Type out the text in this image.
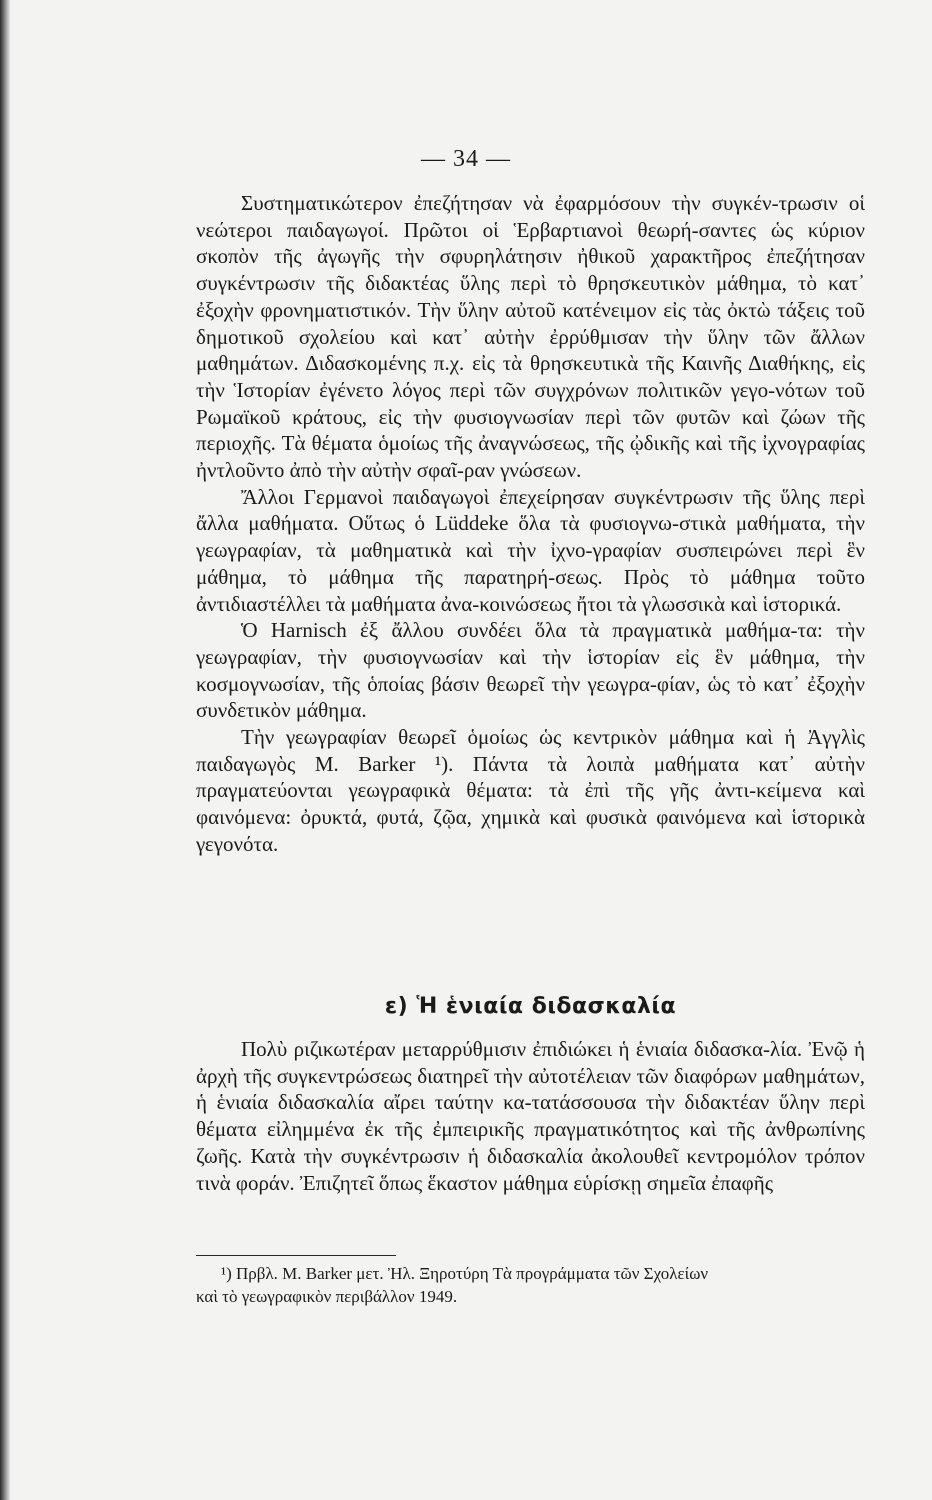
— 34 —

Συστηματικώτερον ἐπεζήτησαν νὰ ἐφαρμόσουν τὴν συγκέν-τρωσιν οἱ νεώτεροι παιδαγωγοί. Πρῶτοι οἱ Ἑρβαρτιανοὶ θεωρή-σαντες ὡς κύριον σκοπὸν τῆς ἀγωγῆς τὴν σφυρηλάτησιν ἠθικοῦ χαρακτῆρος ἐπεζήτησαν συγκέντρωσιν τῆς διδακτέας ὕλης περὶ τὸ θρησκευτικὸν μάθημα, τὸ κατ᾿ ἐξοχὴν φρονηματιστικόν. Τὴν ὕλην αὐτοῦ κατένειμον εἰς τὰς ὀκτὼ τάξεις τοῦ δημοτικοῦ σχολείου καὶ κατ᾿ αὐτὴν ἐρρύθμισαν τὴν ὕλην τῶν ἄλλων μαθημάτων. Διδασκομένης π.χ. εἰς τὰ θρησκευτικὰ τῆς Καινῆς Διαθήκης, εἰς τὴν Ἱστορίαν ἐγένετο λόγος περὶ τῶν συγχρόνων πολιτικῶν γεγο-νότων τοῦ Ρωμαϊκοῦ κράτους, εἰς τὴν φυσιογνωσίαν περὶ τῶν φυτῶν καὶ ζώων τῆς περιοχῆς. Τὰ θέματα ὁμοίως τῆς ἀναγνώσεως, τῆς ᾠδικῆς καὶ τῆς ἰχνογραφίας ἠντλοῦντο ἀπὸ τὴν αὐτὴν σφαῖ-ραν γνώσεων.

Ἄλλοι Γερμανοὶ παιδαγωγοὶ ἐπεχείρησαν συγκέντρωσιν τῆς ὕλης περὶ ἄλλα μαθήματα. Οὕτως ὁ Lüddeke ὅλα τὰ φυσιογνω-στικὰ μαθήματα, τὴν γεωγραφίαν, τὰ μαθηματικὰ καὶ τὴν ἰχνο-γραφίαν συσπειρώνει περὶ ἓν μάθημα, τὸ μάθημα τῆς παρατηρή-σεως. Πρὸς τὸ μάθημα τοῦτο ἀντιδιαστέλλει τὰ μαθήματα ἀνα-κοινώσεως ἤτοι τὰ γλωσσικὰ καὶ ἱστορικά.

Ὁ Harnisch ἐξ ἄλλου συνδέει ὅλα τὰ πραγματικὰ μαθήμα-τα: τὴν γεωγραφίαν, τὴν φυσιογνωσίαν καὶ τὴν ἱστορίαν εἰς ἓν μάθημα, τὴν κοσμογνωσίαν, τῆς ὁποίας βάσιν θεωρεῖ τὴν γεωγρα-φίαν, ὡς τὸ κατ᾿ ἐξοχὴν συνδετικὸν μάθημα.

Τὴν γεωγραφίαν θεωρεῖ ὁμοίως ὡς κεντρικὸν μάθημα καὶ ἡ Ἀγγλὶς παιδαγωγὸς M. Barker ¹). Πάντα τὰ λοιπὰ μαθήματα κατ᾿ αὐτὴν πραγματεύονται γεωγραφικὰ θέματα: τὰ ἐπὶ τῆς γῆς ἀντι-κείμενα καὶ φαινόμενα: ὀρυκτά, φυτά, ζῷα, χημικὰ καὶ φυσικὰ φαινόμενα καὶ ἱστορικὰ γεγονότα.

ε) Ἡ ἑνιαία διδασκαλία

Πολὺ ριζικωτέραν μεταρρύθμισιν ἐπιδιώκει ἡ ἑνιαία διδασκα-λία. Ἐνῷ ἡ ἀρχὴ τῆς συγκεντρώσεως διατηρεῖ τὴν αὐτοτέλειαν τῶν διαφόρων μαθημάτων, ἡ ἑνιαία διδασκαλία αἴρει ταύτην κα-τατάσσουσα τὴν διδακτέαν ὕλην περὶ θέματα εἰλημμένα ἐκ τῆς ἐμπειρικῆς πραγματικότητος καὶ τῆς ἀνθρωπίνης ζωῆς. Κατὰ τὴν συγκέντρωσιν ἡ διδασκαλία ἀκολουθεῖ κεντρομόλον τρόπον τινὰ φοράν. Ἐπιζητεῖ ὅπως ἕκαστον μάθημα εὑρίσκῃ σημεῖα ἐπαφῆς

¹) Πρβλ. M. Barker μετ. Ἠλ. Ξηροτύρη Τὰ προγράμματα τῶν Σχολείων

καὶ τὸ γεωγραφικὸν περιβάλλον 1949.
